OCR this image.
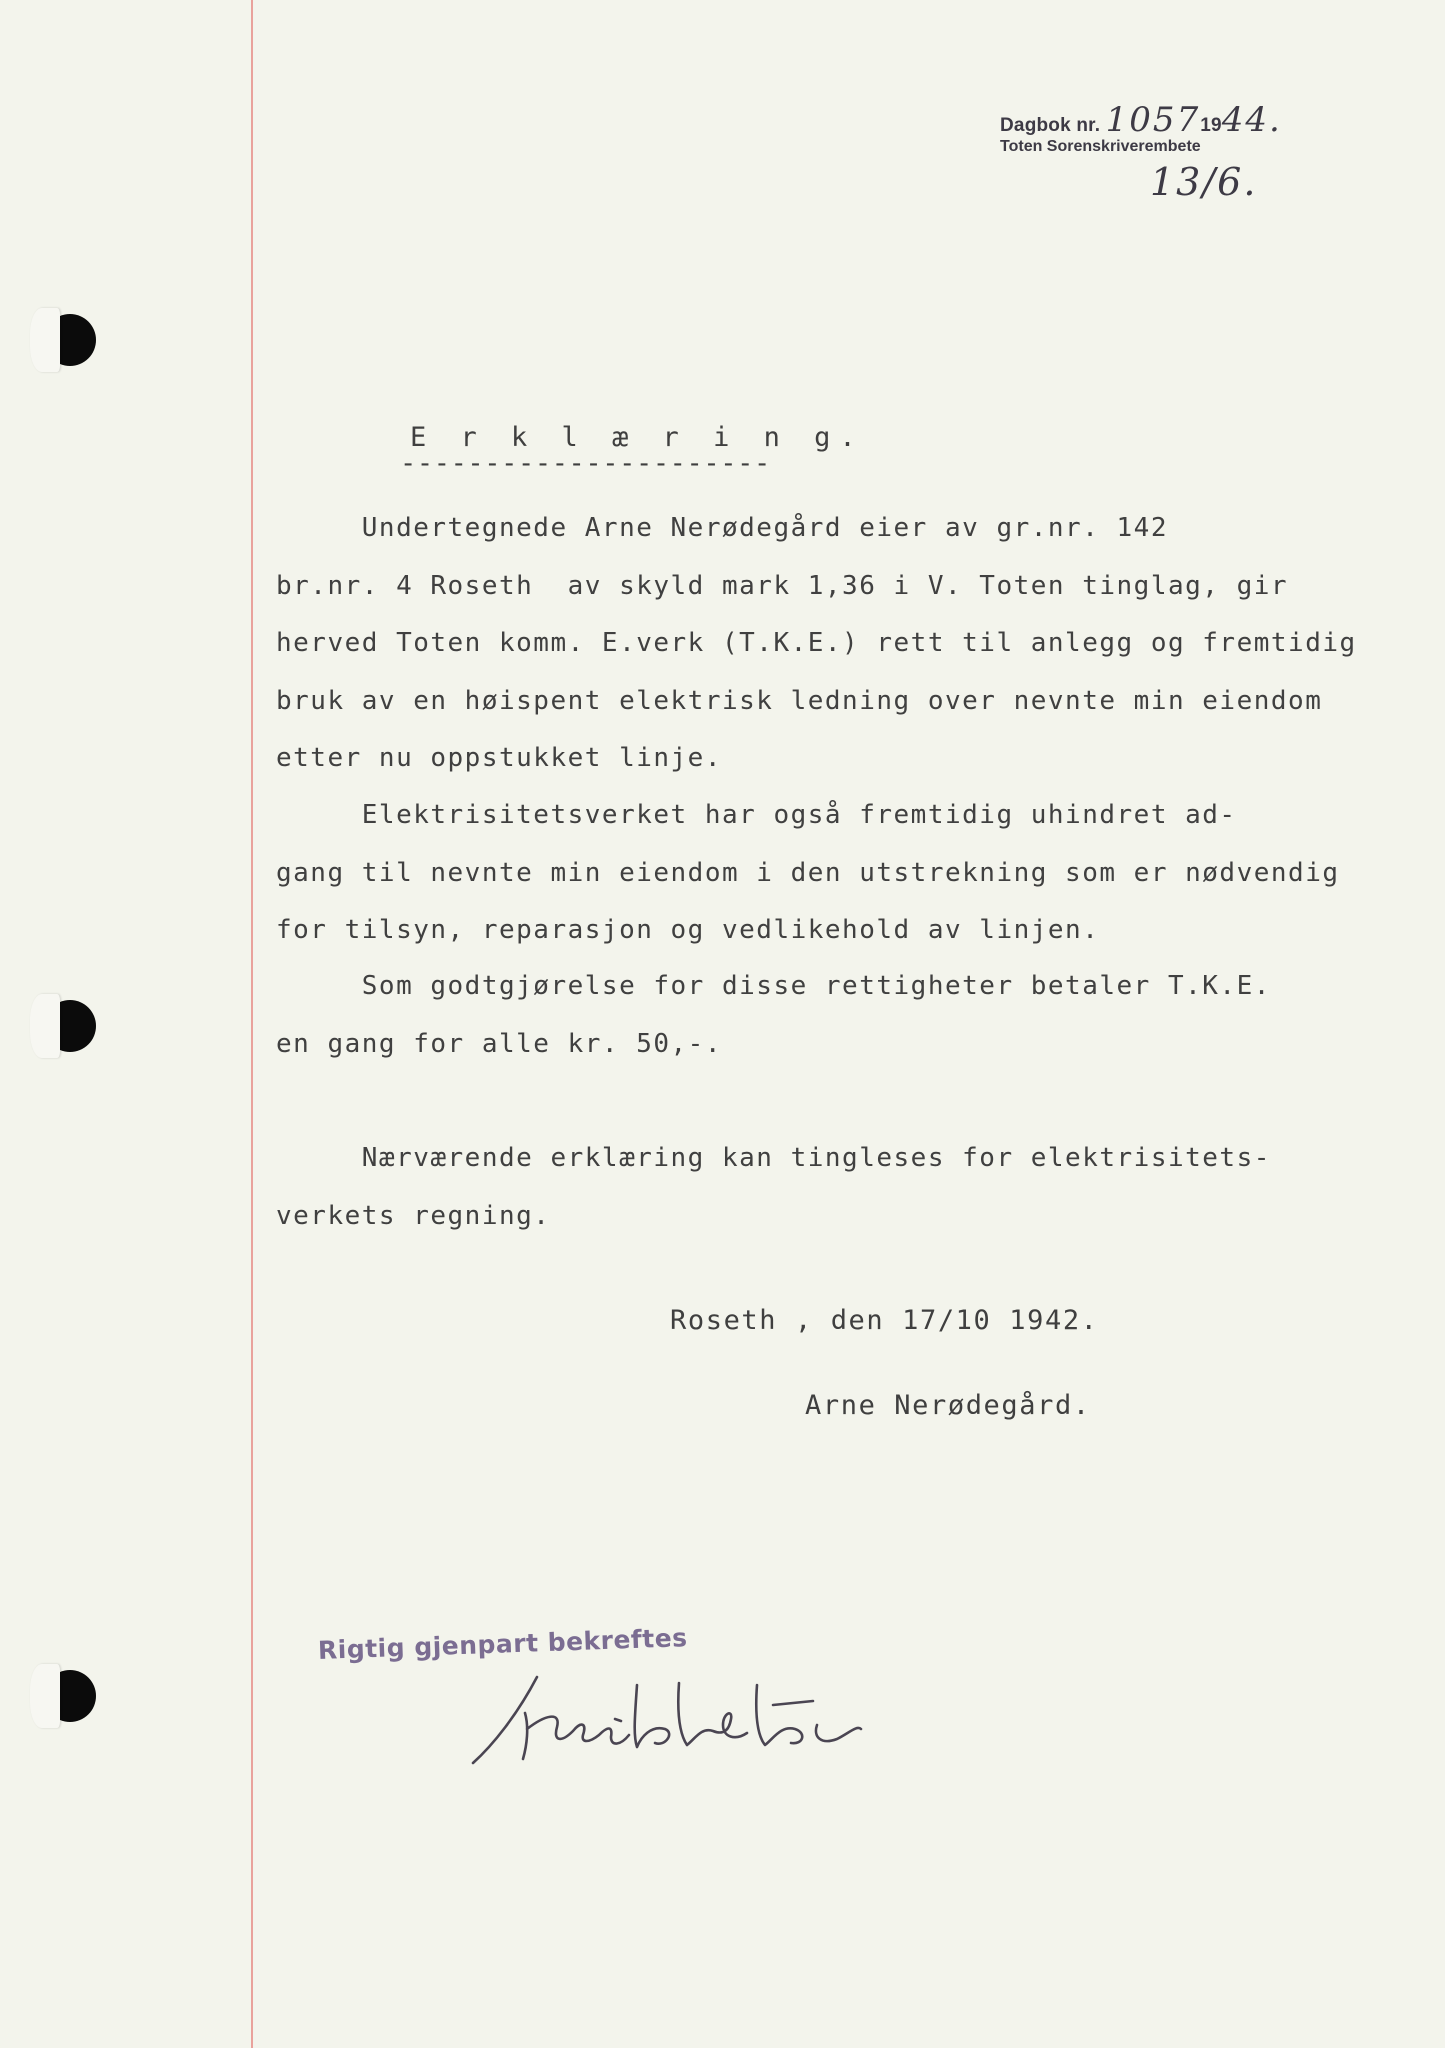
Dagbok nr. 10571944.
Toten Sorenskriverembete
13/6.
E r k l æ r i n g.
----------------------
Undertegnede Arne Nerødegård eier av gr.nr. 142
br.nr. 4 Roseth  av skyld mark 1,36 i V. Toten tinglag, gir
herved Toten komm. E.verk (T.K.E.) rett til anlegg og fremtidig
bruk av en høispent elektrisk ledning over nevnte min eiendom
etter nu oppstukket linje.
Elektrisitetsverket har også fremtidig uhindret ad-
gang til nevnte min eiendom i den utstrekning som er nødvendig
for tilsyn, reparasjon og vedlikehold av linjen.
Som godtgjørelse for disse rettigheter betaler T.K.E.
en gang for alle kr. 50,-.
Nærværende erklæring kan tingleses for elektrisitets-
verkets regning.
Roseth , den 17/10 1942.
Arne Nerødegård.
Rigtig gjenpart bekreftes
